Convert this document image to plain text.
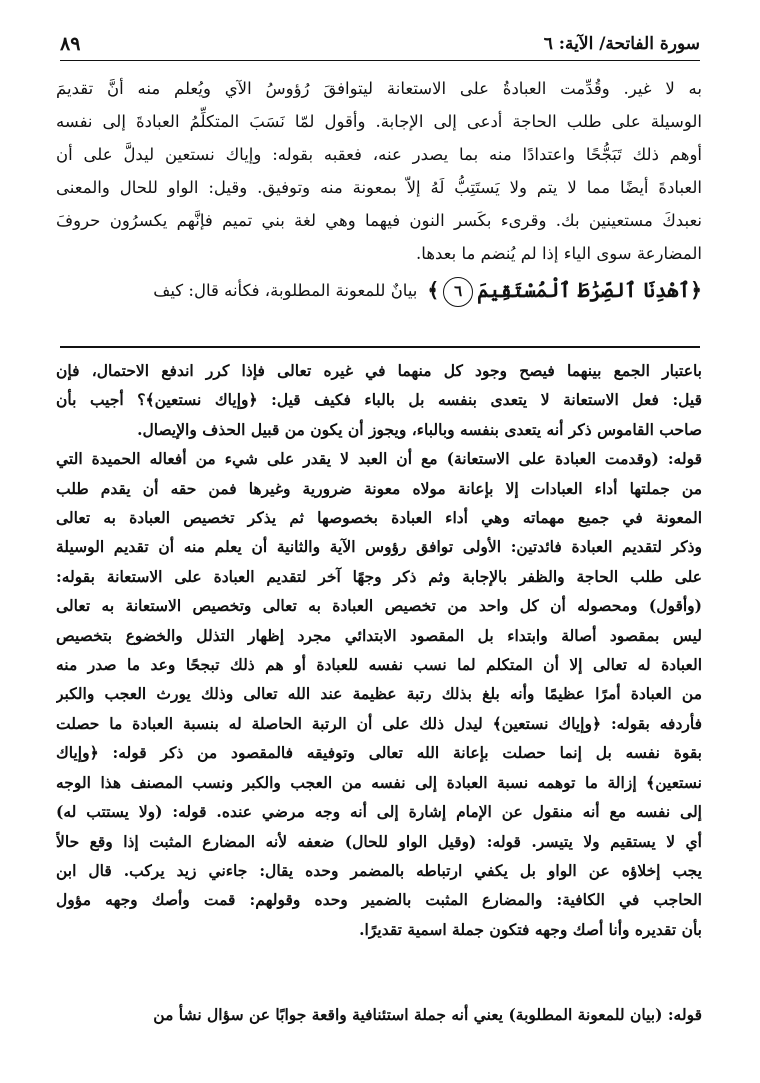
سورة الفاتحة/ الآية: ٦
٨٩
به لا غير. وقُدِّمت العبادةُ على الاستعانة ليتوافقَ رُؤوسُ الآي ويُعلم منه أنَّ تقديمَ
الوسيلة على طلب الحاجة أدعى إلى الإجابة. وأقول لمّا نَسَبَ المتكلِّمُ العبادةَ إلى نفسه
أوهم ذلك تَبَجُّحًا واعتدادًا منه بما يصدر عنه، فعقبه بقوله: وإياك نستعين ليدلَّ على أن
العبادةَ أيضًا مما لا يتم ولا يَستَتِبُّ لَهُ إلاّ بمعونة منه وتوفيق. وقيل: الواو للحال والمعنى
نعبدكَ مستعينين بك. وقرىء بكَسر النون فيهما وهي لغة بني تميم فإنَّهم يكسرُون حروفَ
المضارعة سوى الياء إذا لم يُنضم ما بعدها.
﴿ٱهْدِنَا ٱلصِّرَٰطَ ٱلْمُسْتَقِيمَ٦﴾
بيانٌ للمعونة المطلوبة، فكأنه قال: كيف
باعتبار الجمع بينهما فيصح وجود كل منهما في غيره تعالى فإذا كرر اندفع الاحتمال، فإن
قيل: فعل الاستعانة لا يتعدى بنفسه بل بالباء فكيف قيل: ﴿وإياك نستعين﴾؟ أجيب بأن
صاحب القاموس ذكر أنه يتعدى بنفسه وبالباء، ويجوز أن يكون من قبيل الحذف والإيصال.
قوله: (وقدمت العبادة على الاستعانة) مع أن العبد لا يقدر على شيء من أفعاله الحميدة التي
من جملتها أداء العبادات إلا بإعانة مولاه معونة ضرورية وغيرها فمن حقه أن يقدم طلب
المعونة في جميع مهماته وهي أداء العبادة بخصوصها ثم يذكر تخصيص العبادة به تعالى
وذكر لتقديم العبادة فائدتين: الأولى توافق رؤوس الآية والثانية أن يعلم منه أن تقديم الوسيلة
على طلب الحاجة والظفر بالإجابة وثم ذكر وجهًا آخر لتقديم العبادة على الاستعانة بقوله:
(وأقول) ومحصوله أن كل واحد من تخصيص العبادة به تعالى وتخصيص الاستعانة به تعالى
ليس بمقصود أصالة وابتداء بل المقصود الابتدائي مجرد إظهار التذلل والخضوع بتخصيص
العبادة له تعالى إلا أن المتكلم لما نسب نفسه للعبادة أو هم ذلك تبجحًا وعد ما صدر منه
من العبادة أمرًا عظيمًا وأنه بلغ بذلك رتبة عظيمة عند الله تعالى وذلك يورث العجب والكبر
فأردفه بقوله: ﴿وإياك نستعين﴾ ليدل ذلك على أن الرتبة الحاصلة له بنسبة العبادة ما حصلت
بقوة نفسه بل إنما حصلت بإعانة الله تعالى وتوفيقه فالمقصود من ذكر قوله: ﴿وإياك
نستعين﴾ إزالة ما توهمه نسبة العبادة إلى نفسه من العجب والكبر ونسب المصنف هذا الوجه
إلى نفسه مع أنه منقول عن الإمام إشارة إلى أنه وجه مرضي عنده. قوله: (ولا يستتب له)
أي لا يستقيم ولا يتيسر. قوله: (وقيل الواو للحال) ضعفه لأنه المضارع المثبت إذا وقع حالاً
يجب إخلاؤه عن الواو بل يكفي ارتباطه بالمضمر وحده يقال: جاءني زيد يركب. قال ابن
الحاجب في الكافية: والمضارع المثبت بالضمير وحده وقولهم: قمت وأصك وجهه مؤول
بأن تقديره وأنا أصك وجهه فتكون جملة اسمية تقديرًا.
قوله: (بيان للمعونة المطلوبة) يعني أنه جملة استئنافية واقعة جوابًا عن سؤال نشأ من
